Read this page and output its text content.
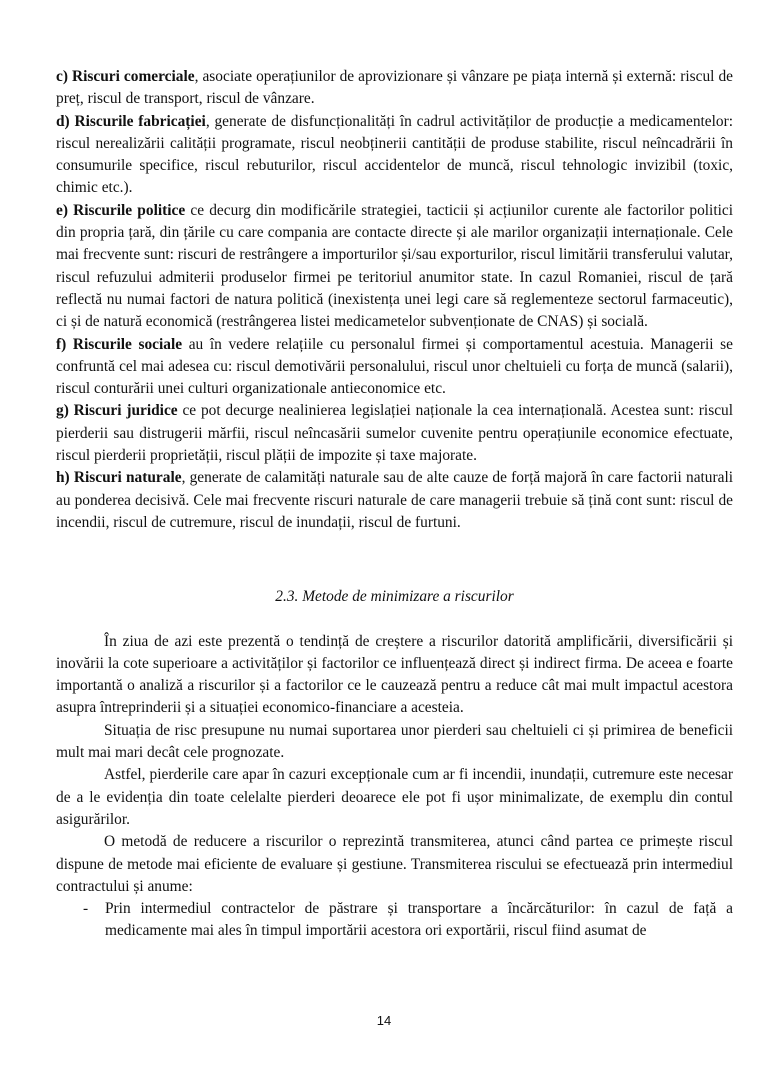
c) Riscuri comerciale, asociate operațiunilor de aprovizionare și vânzare pe piața internă și externă: riscul de preț, riscul de transport, riscul de vânzare.

d) Riscurile fabricației, generate de disfuncționalități în cadrul activităților de producție a medicamentelor: riscul nerealizării calității programate, riscul neobținerii cantității de produse stabilite, riscul neîncadrării în consumurile specifice, riscul rebuturilor, riscul accidentelor de muncă, riscul tehnologic invizibil (toxic, chimic etc.).

e) Riscurile politice ce decurg din modificările strategiei, tacticii și acțiunilor curente ale factorilor politici din propria țară, din țările cu care compania are contacte directe și ale marilor organizații internaționale. Cele mai frecvente sunt: riscuri de restrângere a importurilor și/sau exporturilor, riscul limitării transferului valutar, riscul refuzului admiterii produselor firmei pe teritoriul anumitor state. In cazul Romaniei, riscul de țară reflectă nu numai factori de natura politică (inexistența unei legi care să reglementeze sectorul farmaceutic), ci și de natură economică (restrângerea listei medicametelor subvenționate de CNAS) și socială.

f) Riscurile sociale au în vedere relațiile cu personalul firmei și comportamentul acestuia. Managerii se confruntă cel mai adesea cu: riscul demotivării personalului, riscul unor cheltuieli cu forța de muncă (salarii), riscul conturării unei culturi organizationale antieconomice etc.

g) Riscuri juridice ce pot decurge nealinierea legislației naționale la cea internațională. Acestea sunt: riscul pierderii sau distrugerii mărfii, riscul neîncasării sumelor cuvenite pentru operațiunile economice efectuate, riscul pierderii proprietății, riscul plății de impozite și taxe majorate.

h) Riscuri naturale, generate de calamități naturale sau de alte cauze de forță majoră în care factorii naturali au ponderea decisivă. Cele mai frecvente riscuri naturale de care managerii trebuie să țină cont sunt: riscul de incendii, riscul de cutremure, riscul de inundații, riscul de furtuni.

2.3. Metode de minimizare a riscurilor

În ziua de azi este prezentă o tendință de creștere a riscurilor datorită amplificării, diversificării și inovării la cote superioare a activităților și factorilor ce influențează direct și indirect firma. De aceea e foarte importantă o analiză a riscurilor și a factorilor ce le cauzează pentru a reduce cât mai mult impactul acestora asupra întreprinderii și a situației economico-financiare a acesteia.

Situația de risc presupune nu numai suportarea unor pierderi sau cheltuieli ci și primirea de beneficii mult mai mari decât cele prognozate.

Astfel, pierderile care apar în cazuri excepționale cum ar fi incendii, inundații, cutremure este necesar de a le evidenția din toate celelalte pierderi deoarece ele pot fi ușor minimalizate, de exemplu din contul asigurărilor.

O metodă de reducere a riscurilor o reprezintă transmiterea, atunci când partea ce primește riscul dispune de metode mai eficiente de evaluare și gestiune. Transmiterea riscului se efectuează prin intermediul contractului și anume:

- Prin intermediul contractelor de păstrare și transportare a încărcăturilor: în cazul de față a medicamente mai ales în timpul importării acestora ori exportării, riscul fiind asumat de
14
